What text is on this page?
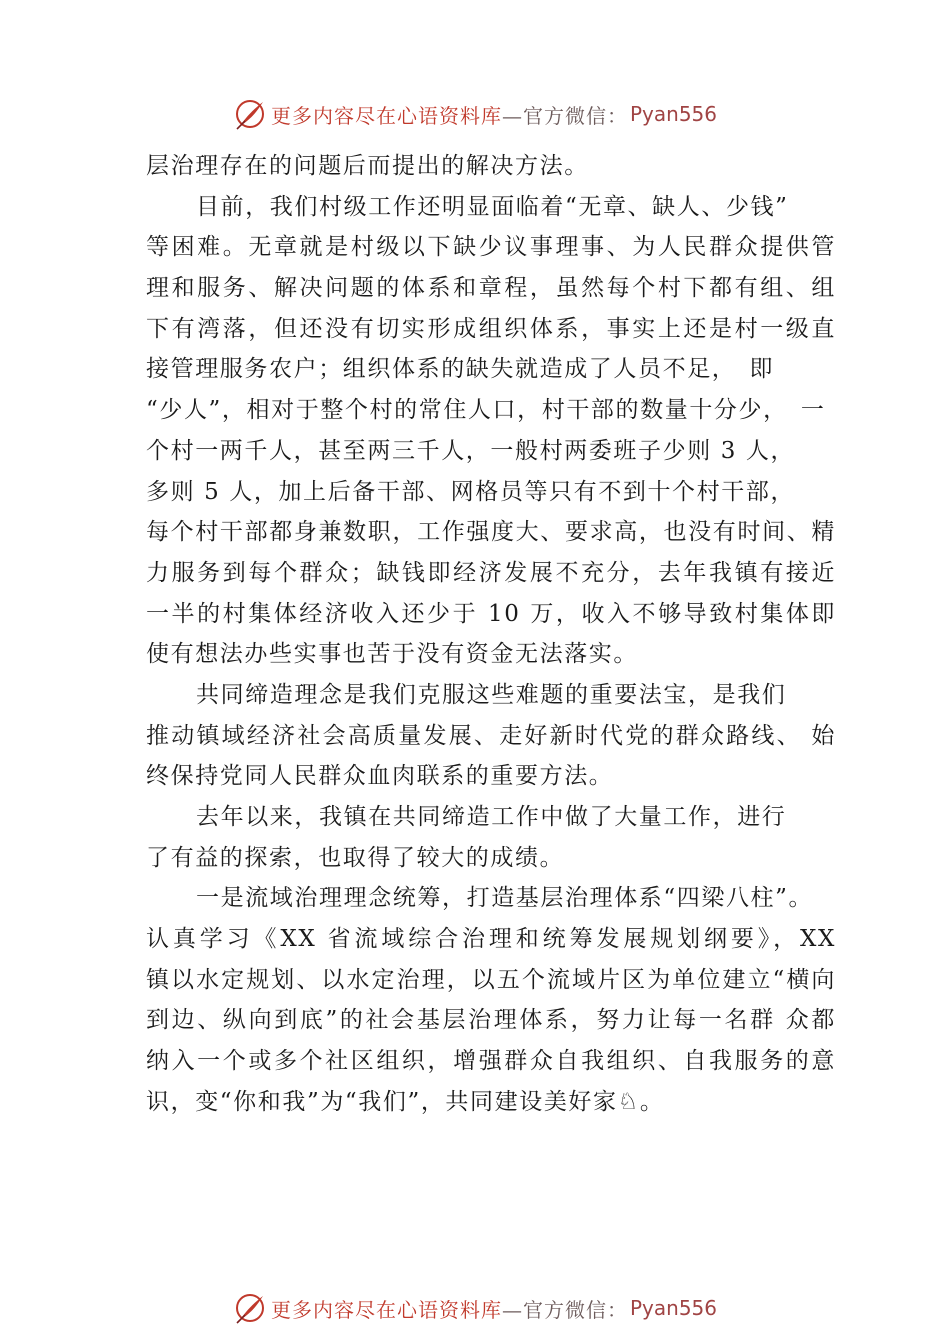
更多内容尽在心语资料库 —官方微信： Pyan556
层治理存在的问题后而提出的解决方法。
目前，我们村级工作还明显面临着“无章、缺人、少钱”
等困难。无章就是村级以下缺少议事理事、为人民群众提供管
理和服务、解决问题的体系和章程，虽然每个村下都有组、组
下有湾落，但还没有切实形成组织体系，事实上还是村一级直
接管理服务农户；组织体系的缺失就造成了人员不足，　即
“少人”，相对于整个村的常住人口，村干部的数量十分少，　一
个村一两千人，甚至两三千人，一般村两委班子少则 3 人，
多则 5 人，加上后备干部、网格员等只有不到十个村干部，
每个村干部都身兼数职，工作强度大、要求高，也没有时间、精
力服务到每个群众；缺钱即经济发展不充分，去年我镇有接近
一半的村集体经济收入还少于 10 万，收入不够导致村集体即
使有想法办些实事也苦于没有资金无法落实。
共同缔造理念是我们克服这些难题的重要法宝，是我们
推动镇域经济社会高质量发展、走好新时代党的群众路线、 始
终保持党同人民群众血肉联系的重要方法。
去年以来，我镇在共同缔造工作中做了大量工作，进行
了有益的探索，也取得了较大的成绩。
一是流域治理理念统筹，打造基层治理体系“四梁八柱”。
认真学习《XX 省流域综合治理和统筹发展规划纲要》，XX
镇以水定规划、以水定治理，以五个流域片区为单位建立“横向
到边、纵向到底”的社会基层治理体系，努力让每一名群 众都
纳入一个或多个社区组织，增强群众自我组织、自我服务的意
识，变“你和我”为“我们”，共同建设美好家♘。
更多内容尽在心语资料库 —官方微信： Pyan556
